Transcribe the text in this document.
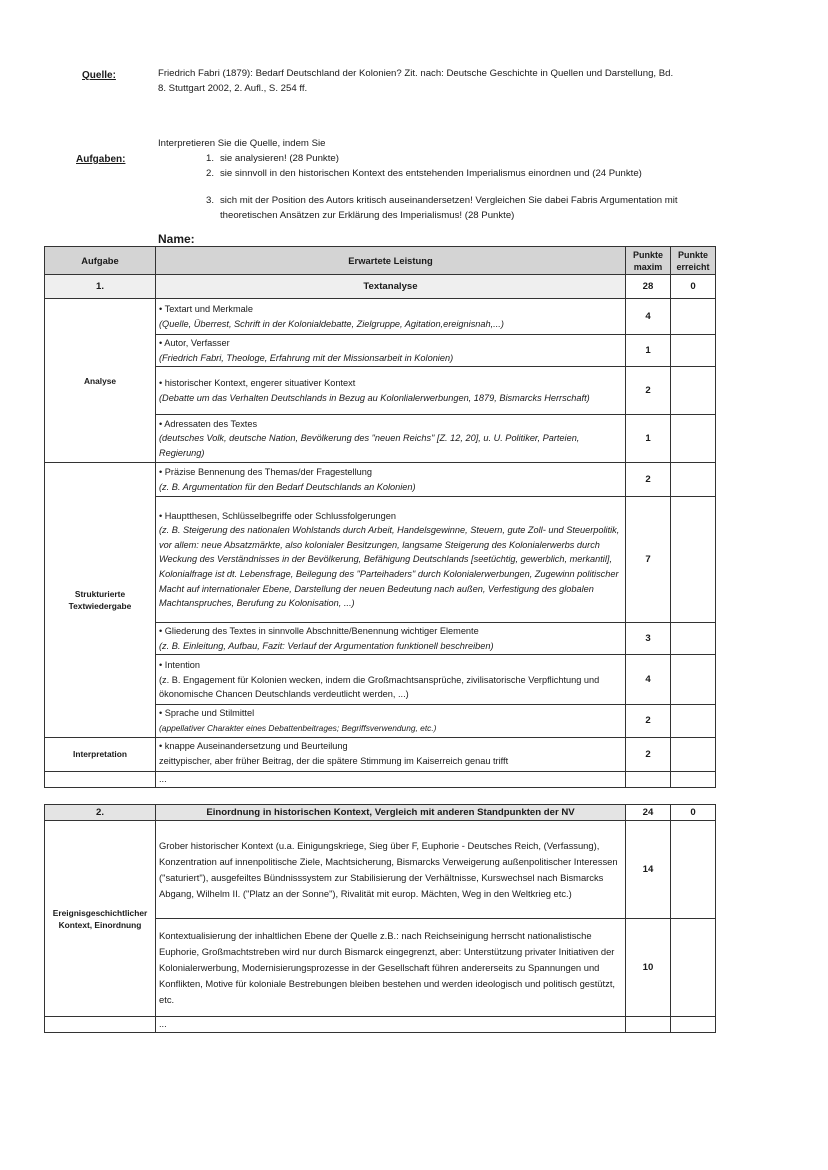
Quelle:	Friedrich Fabri (1879): Bedarf Deutschland der Kolonien? Zit. nach: Deutsche Geschichte in Quellen und Darstellung, Bd. 8. Stuttgart 2002, 2. Aufl., S. 254 ff.
Interpretieren Sie die Quelle, indem Sie
Aufgaben:	1. sie analysieren! (28 Punkte)
2. sie sinnvoll in den historischen Kontext des entstehenden Imperialismus einordnen und (24 Punkte)
3. sich mit der Position des Autors kritisch auseinandersetzen! Vergleichen Sie dabei Fabris Argumentation mit theoretischen Ansätzen zur Erklärung des Imperialismus! (28 Punkte)
Name:
Aufgabe	Erwartete Leistung	Punkte maxim	Punkte erreicht
1.	Textanalyse	28	0
Analyse	• Textart und Merkmale
(Quelle, Überrest, Schrift in der Kolonialdebatte, Zielgruppe, Agitation,ereignisnah,...)	4	

	• Autor, Verfasser
(Friedrich Fabri, Theologe, Erfahrung mit der Missionsarbeit in Kolonien)	1	

	• historischer Kontext, engerer situativer Kontext
(Debatte um das Verhalten Deutschlands in Bezug au Kolonlialerwerbungen, 1879, Bismarcks Herrschaft)	2	

	• Adressaten des Textes
(deutsches Volk, deutsche Nation, Bevölkerung des "neuen Reichs" [Z. 12, 20], u. U. Politiker, Parteien, Regierung)	1	
Strukturierte Textwiedergabe	• Präzise Bennenung des Themas/der Fragestellung
(z. B. Argumentation für den Bedarf Deutschlands an Kolonien)	2	

	• Hauptthesen, Schlüsselbegriffe oder Schlussfolgerungen
(z. B. Steigerung des nationalen Wohlstands durch Arbeit, Handelsgewinne, Steuern, gute Zoll- und Steuerpolitik, vor allem: neue Absatzmärkte, also kolonialer Besitzungen, langsame Steigerung des Kolonialerwerbs durch Weckung des Verständnisses in der Bevölkerung, Befähigung Deutschlands [seetüchtig, gewerblich, merkantil], Kolonialfrage ist dt. Lebensfrage, Beilegung des "Parteihaders" durch Kolonialerwerbungen, Zugewinn politischer Macht auf internationaler Ebene, Darstellung der neuen Bedeutung nach außen, Verfestigung des globalen Machtanspruches, Berufung zu Kolonisation, ...)	7	

	• Gliederung des Textes in sinnvolle Abschnitte/Benennung wichtiger Elemente
(z. B. Einleitung, Aufbau, Fazit: Verlauf der Argumentation funktionell beschreiben)	3	

	• Intention
(z. B. Engagement für Kolonien wecken, indem die Großmachtsansprüche, zivilisatorische Verpflichtung und ökonomische Chancen Deutschlands verdeutlicht werden, ...)	4	

	• Sprache und Stilmittel
(appellativer Charakter eines Debattenbeitrages; Begriffsverwendung, etc.)	2	
Interpretation	• knappe Auseinandersetzung und Beurteilung
zeittypischer, aber früher Beitrag, der die spätere Stimmung im Kaiserreich genau trifft	2	
	...		
2.	Einordnung in historischen Kontext, Vergleich mit anderen Standpunkten der NV	24	0
Ereignisgeschichtlicher Kontext, Einordnung	Grober historischer Kontext (u.a. Einigungskriege, Sieg über F, Euphorie - Deutsches Reich, (Verfassung), Konzentration auf innenpolitische Ziele, Machtsicherung, Bismarcks Verweigerung außenpolitischer Interessen ("saturiert"), ausgefeiltes Bündnisssystem zur Stabilisierung der Verhältnisse, Kurswechsel nach Bismarcks Abgang, Wilhelm II. ("Platz an der Sonne"), Rivalität mit europ. Mächten, Weg in den Weltkrieg etc.)	14	
	Kontextualisierung der inhaltlichen Ebene der Quelle z.B.: nach Reichseinigung herrscht nationalistische Euphorie, Großmachtstreben wird nur durch Bismarck eingegrenzt, aber: Unterstützung privater Initiativen der Kolonialerwerbung, Modernisierungsprozesse in der Gesellschaft führen andererseits zu Spannungen und Konflikten, Motive für koloniale Bestrebungen bleiben bestehen und werden ideologisch und politisch gestützt, etc.	10	
	...		
